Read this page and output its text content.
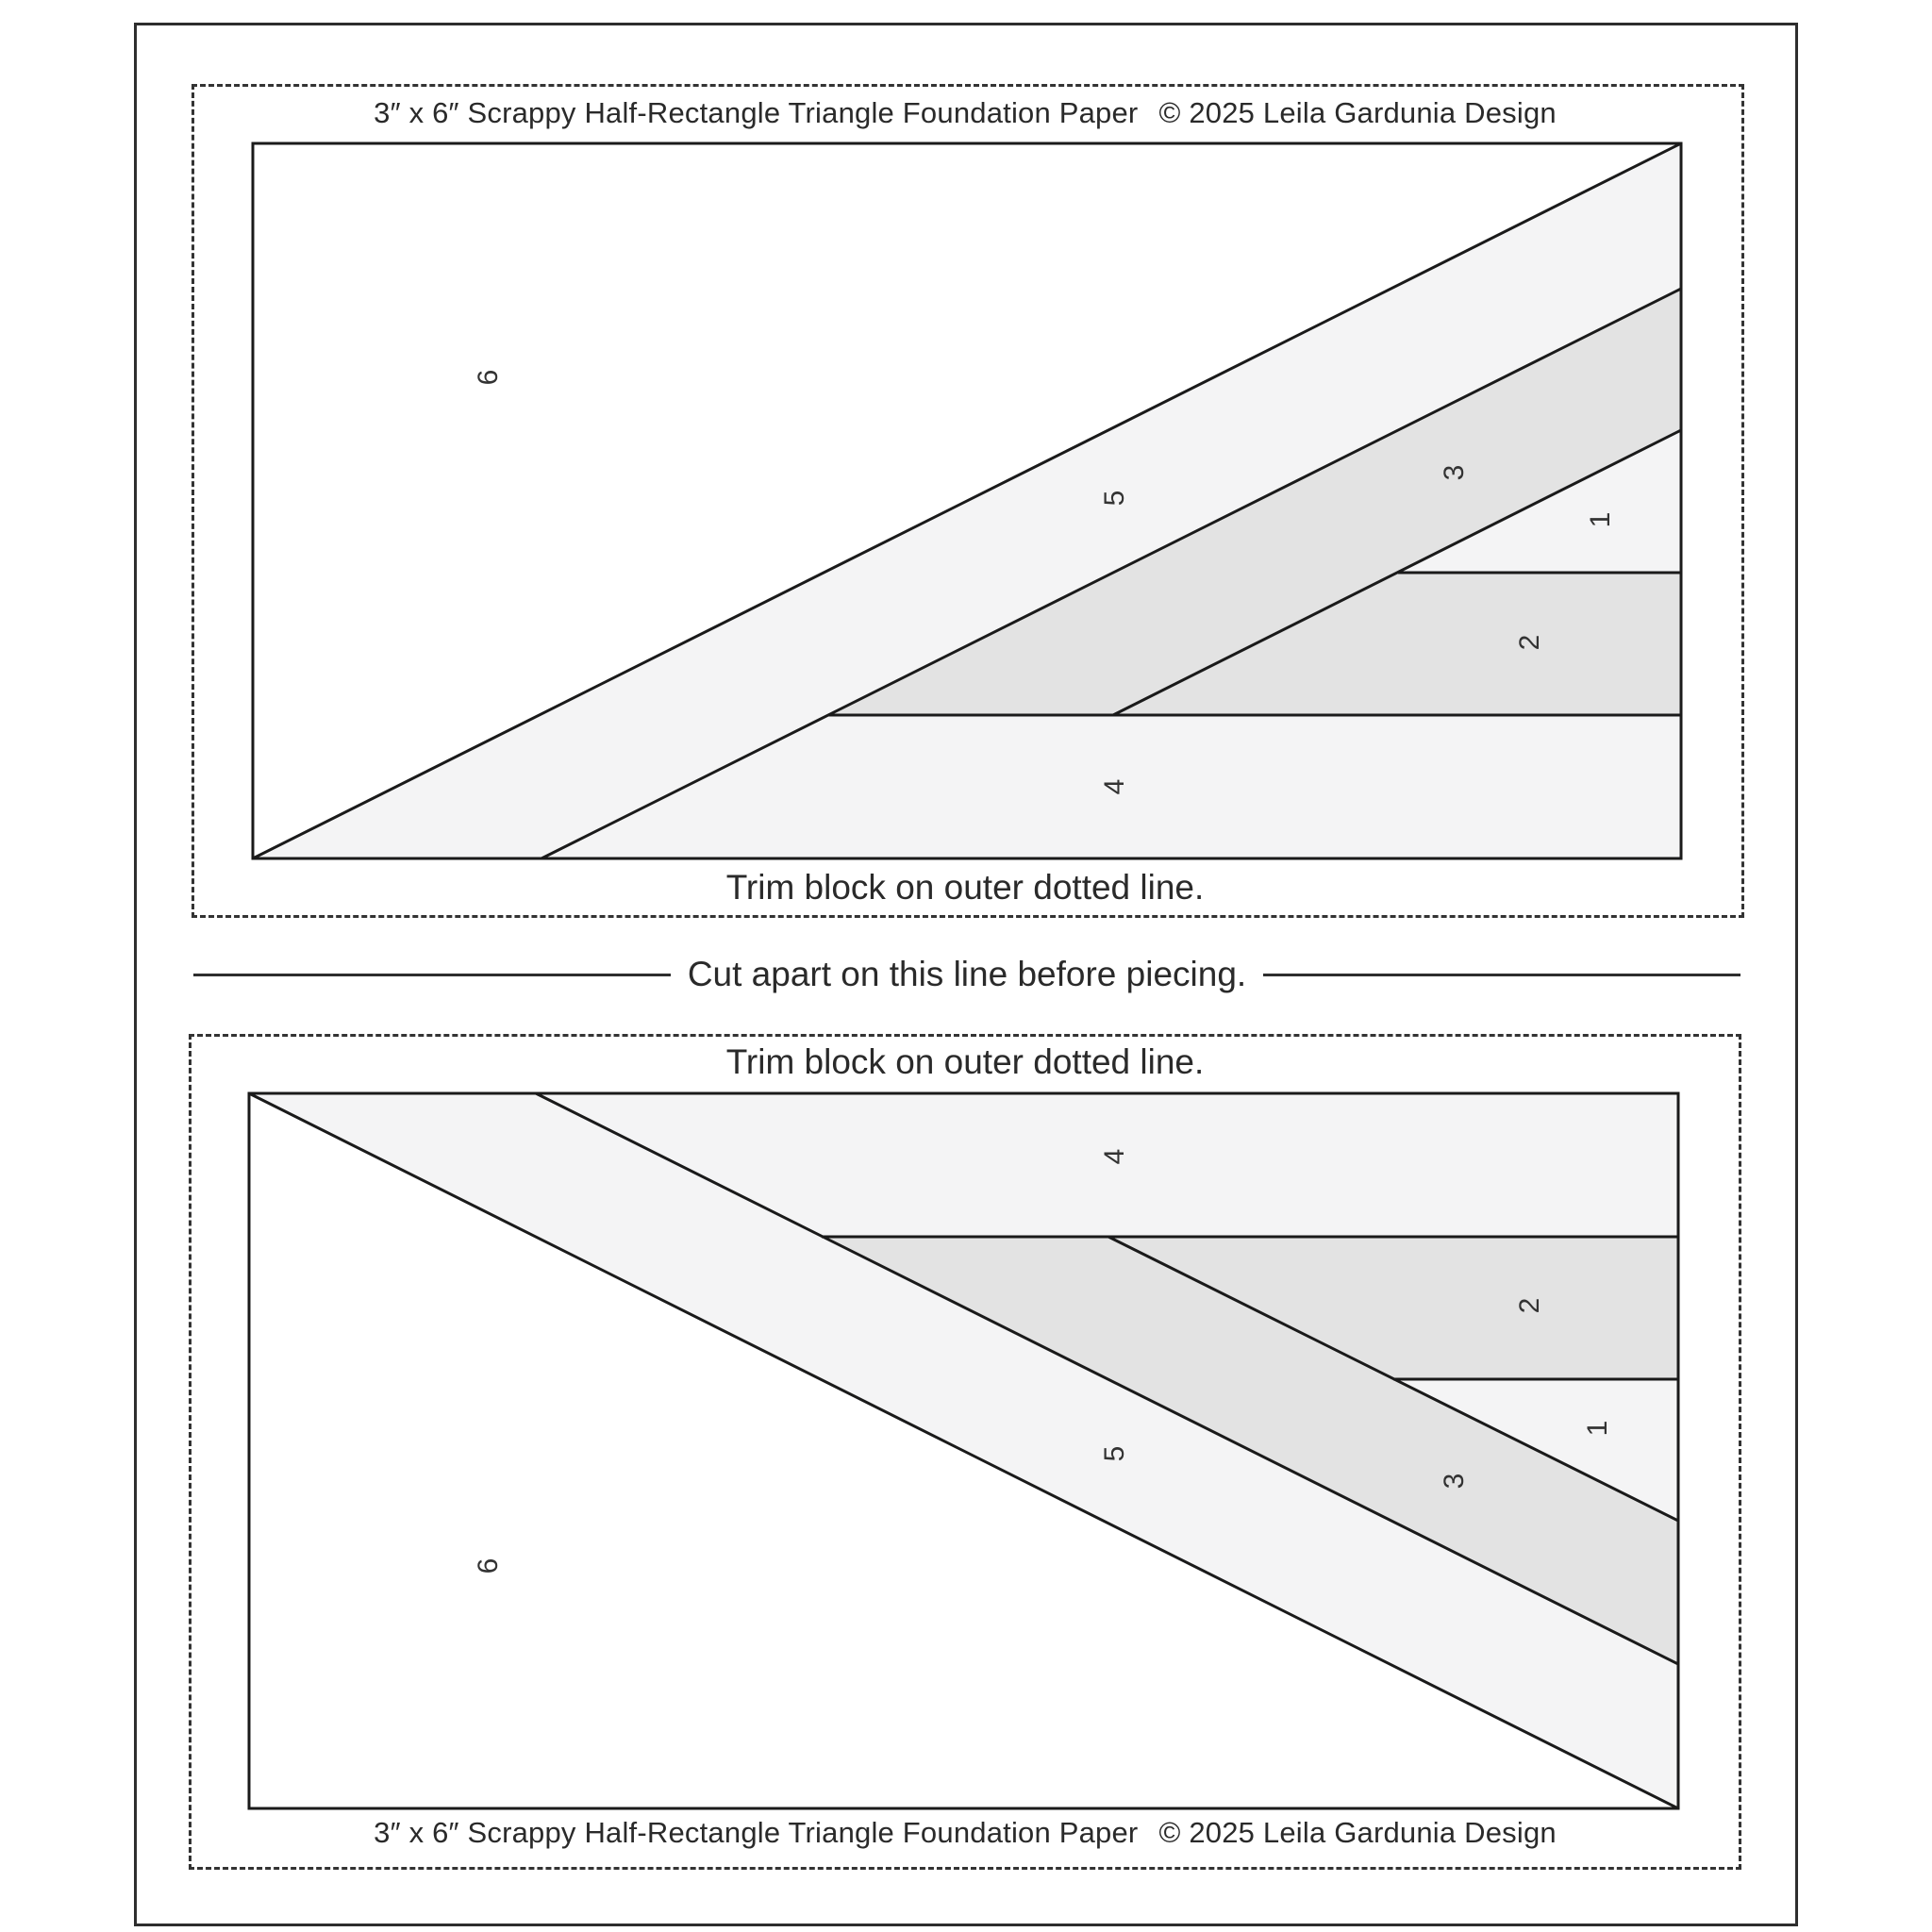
3″ x 6″ Scrappy Half-Rectangle Triangle Foundation Paper © 2025 Leila Gardunia Design
1
2
3
4
5
6
Trim block on outer dotted line.
Cut apart on this line before piecing.
Trim block on outer dotted line.
1
2
3
4
5
6
3″ x 6″ Scrappy Half-Rectangle Triangle Foundation Paper © 2025 Leila Gardunia Design
